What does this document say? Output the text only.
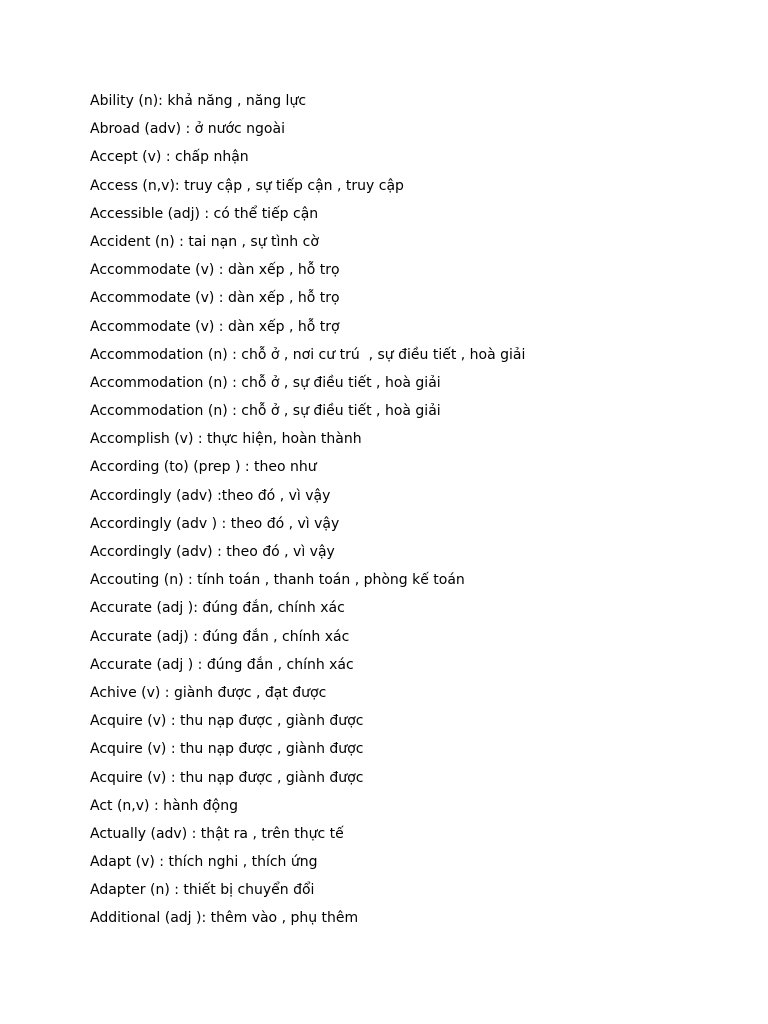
Ability (n): khả năng , năng lực
Abroad (adv) : ở nước ngoài
Accept (v) : chấp nhận
Access (n,v): truy cập , sự tiếp cận , truy cập
Accessible (adj) : có thể tiếp cận
Accident (n) : tai nạn , sự tình cờ
Accommodate (v) : dàn xếp , hỗ trọ
Accommodate (v) : dàn xếp , hỗ trọ
Accommodate (v) : dàn xếp , hỗ trợ
Accommodation (n) : chỗ ở , nơi cư trú  , sự điều tiết , hoà giải
Accommodation (n) : chỗ ở , sự điều tiết , hoà giải
Accommodation (n) : chỗ ở , sự điều tiết , hoà giải
Accomplish (v) : thực hiện, hoàn thành
According (to) (prep ) : theo như
Accordingly (adv) :theo đó , vì vậy
Accordingly (adv ) : theo đó , vì vậy
Accordingly (adv) : theo đó , vì vậy
Accouting (n) : tính toán , thanh toán , phòng kế toán
Accurate (adj ): đúng đắn, chính xác
Accurate (adj) : đúng đắn , chính xác
Accurate (adj ) : đúng đắn , chính xác
Achive (v) : giành được , đạt được
Acquire (v) : thu nạp được , giành được
Acquire (v) : thu nạp được , giành được
Acquire (v) : thu nạp được , giành được
Act (n,v) : hành động
Actually (adv) : thật ra , trên thực tế
Adapt (v) : thích nghi , thích ứng
Adapter (n) : thiết bị chuyển đổi
Additional (adj ): thêm vào , phụ thêm
